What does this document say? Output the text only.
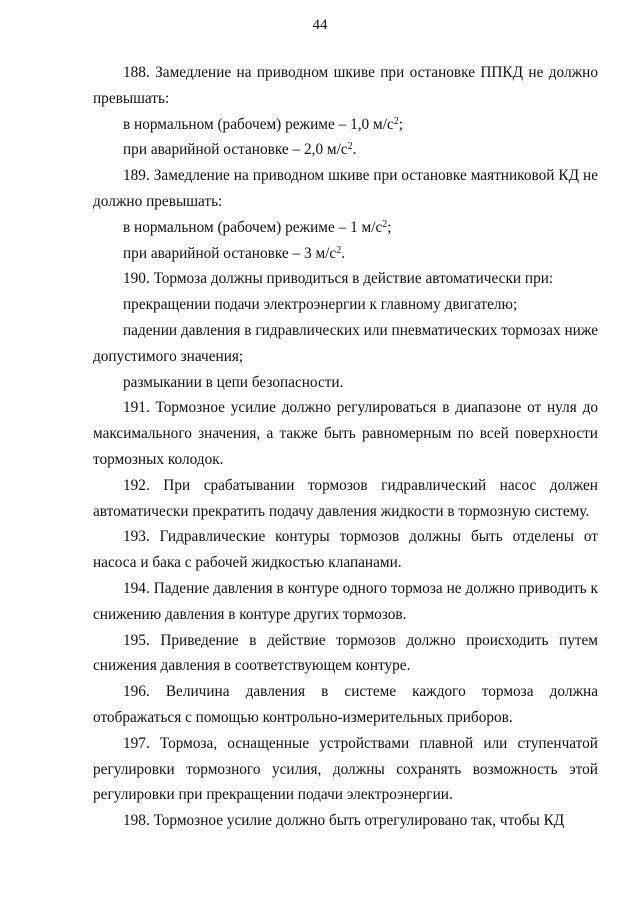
44

188. Замедление на приводном шкиве при остановке ППКД не должно превышать:

в нормальном (рабочем) режиме – 1,0 $м/с^2$;

при аварийной остановке – 2,0 $м/с^2$.

189. Замедление на приводном шкиве при остановке маятниковой КД не должно превышать:

в нормальном (рабочем) режиме – 1 $м/с^2$;

при аварийной остановке – 3 $м/с^2$.

190. Тормоза должны приводиться в действие автоматически при:

прекращении подачи электроэнергии к главному двигателю;

падении давления в гидравлических или пневматических тормозах ниже допустимого значения;

размыкании в цепи безопасности.

191. Тормозное усилие должно регулироваться в диапазоне от нуля до максимального значения, а также быть равномерным по всей поверхности тормозных колодок.

192. При срабатывании тормозов гидравлический насос должен автоматически прекратить подачу давления жидкости в тормозную систему.

193. Гидравлические контуры тормозов должны быть отделены от насоса и бака с рабочей жидкостью клапанами.

194. Падение давления в контуре одного тормоза не должно приводить к снижению давления в контуре других тормозов.

195. Приведение в действие тормозов должно происходить путем снижения давления в соответствующем контуре.

196. Величина давления в системе каждого тормоза должна отображаться с помощью контрольно-измерительных приборов.

197. Тормоза, оснащенные устройствами плавной или ступенчатой регулировки тормозного усилия, должны сохранять возможность этой регулировки при прекращении подачи электроэнергии.

198. Тормозное усилие должно быть отрегулировано так, чтобы КД
